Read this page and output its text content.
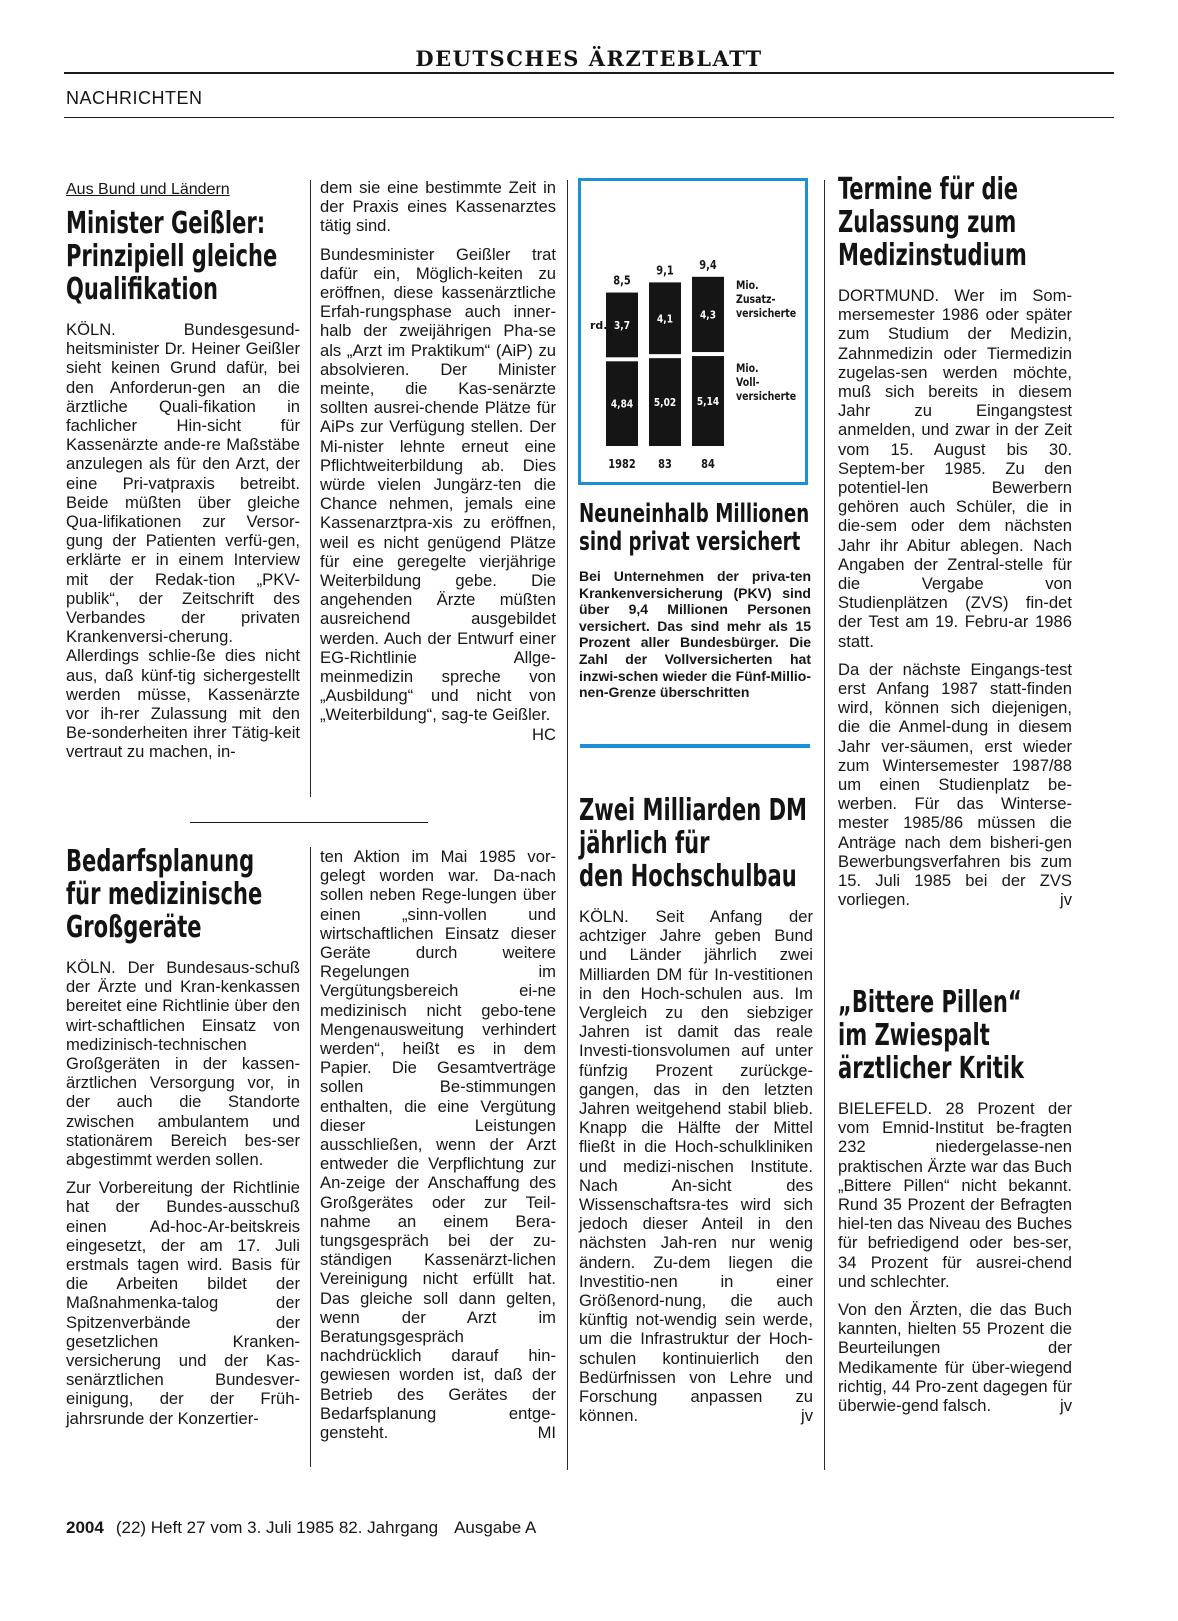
DEUTSCHES ÄRZTEBLATT
NACHRICHTEN
Aus Bund und Ländern
Minister Geißler:
Prinzipiell gleiche
Qualifikation

KÖLN. Bundesgesund-heitsminister Dr. Heiner Geißler sieht keinen Grund dafür, bei den Anforderun-gen an die ärztliche Quali-fikation in fachlicher Hin-sicht für Kassenärzte ande-re Maßstäbe anzulegen als für den Arzt, der eine Pri-vatpraxis betreibt. Beide müßten über gleiche Qua-lifikationen zur Versor-gung der Patienten verfü-gen, erklärte er in einem Interview mit der Redak-tion „PKV-publik“, der Zeitschrift des Verbandes der privaten Krankenversi-cherung. Allerdings schlie-ße dies nicht aus, daß künf-tig sichergestellt werden müsse, Kassenärzte vor ih-rer Zulassung mit den Be-sonderheiten ihrer Tätig-keit vertraut zu machen, in-

dem sie eine bestimmte Zeit in der Praxis eines Kassenarztes tätig sind.

Bundesminister Geißler trat dafür ein, Möglich-keiten zu eröffnen, diese kassenärztliche Erfah-rungsphase auch inner-halb der zweijährigen Pha-se als „Arzt im Praktikum“ (AiP) zu absolvieren. Der Minister meinte, die Kas-senärzte sollten ausrei-chende Plätze für AiPs zur Verfügung stellen. Der Mi-nister lehnte erneut eine Pflichtweiterbildung ab. Dies würde vielen Jungärz-ten die Chance nehmen, jemals eine Kassenarztpra-xis zu eröffnen, weil es nicht genügend Plätze für eine geregelte vierjährige Weiterbildung gebe. Die angehenden Ärzte müßten ausreichend ausgebildet werden. Auch der Entwurf einer EG-Richtlinie Allge-meinmedizin spreche von „Ausbildung“ und nicht von „Weiterbildung“, sag-te Geißler.
HC

Bedarfsplanung
für medizinische
Großgeräte

KÖLN. Der Bundesaus-schuß der Ärzte und Kran-kenkassen bereitet eine Richtlinie über den wirt-schaftlichen Einsatz von medizinisch-technischen Großgeräten in der kassen-ärztlichen Versorgung vor, in der auch die Standorte zwischen ambulantem und stationärem Bereich bes-ser abgestimmt werden sollen.

Zur Vorbereitung der Richtlinie hat der Bundes-ausschuß einen Ad-hoc-Ar-beitskreis eingesetzt, der am 17. Juli erstmals tagen wird. Basis für die Arbeiten bildet der Maßnahmenka-talog der Spitzenverbände der gesetzlichen Kranken-versicherung und der Kas-senärztlichen Bundesver-einigung, der der Früh-jahrsrunde der Konzertier-

ten Aktion im Mai 1985 vor-gelegt worden war. Da-nach sollen neben Rege-lungen über einen „sinn-vollen und wirtschaftlichen Einsatz dieser Geräte durch weitere Regelungen im Vergütungsbereich ei-ne medizinisch nicht gebo-tene Mengenausweitung verhindert werden“, heißt es in dem Papier. Die Gesamtverträge sollen Be-stimmungen enthalten, die eine Vergütung dieser Leistungen ausschließen, wenn der Arzt entweder die Verpflichtung zur An-zeige der Anschaffung des Großgerätes oder zur Teil-nahme an einem Bera-tungsgespräch bei der zu-ständigen Kassenärzt-lichen Vereinigung nicht erfüllt hat. Das gleiche soll dann gelten, wenn der Arzt im Beratungsgespräch nachdrücklich darauf hin-gewiesen worden ist, daß der Betrieb des Gerätes der Bedarfsplanung entge-gensteht.	MI

4,84
3,7
8,5
1982
5,02
4,1
9,1
83
5,14
4,3
9,4
84
rd.
Mio.
Zusatz-
versicherte
Mio.
Voll-
versicherte
Neuneinhalb Millionen
sind privat versichert
Bei Unternehmen der priva-ten Krankenversicherung (PKV) sind über 9,4 Millionen Personen versichert. Das sind mehr als 15 Prozent aller Bundesbürger. Die Zahl der Vollversicherten hat inzwi-schen wieder die Fünf-Millio-nen-Grenze überschritten
Zwei Milliarden DM
jährlich für
den Hochschulbau

KÖLN. Seit Anfang der achtziger Jahre geben Bund und Länder jährlich zwei Milliarden DM für In-vestitionen in den Hoch-schulen aus. Im Vergleich zu den siebziger Jahren ist damit das reale Investi-tionsvolumen auf unter fünfzig Prozent zurückge-gangen, das in den letzten Jahren weitgehend stabil blieb. Knapp die Hälfte der Mittel fließt in die Hoch-schulkliniken und medizi-nischen Institute. Nach An-sicht des Wissenschaftsra-tes wird sich jedoch dieser Anteil in den nächsten Jah-ren nur wenig ändern. Zu-dem liegen die Investitio-nen in einer Größenord-nung, die auch künftig not-wendig sein werde, um die Infrastruktur der Hoch-schulen kontinuierlich den Bedürfnissen von Lehre und Forschung anpassen zu können.	jv

Termine für die
Zulassung zum
Medizinstudium

DORTMUND. Wer im Som-mersemester 1986 oder später zum Studium der Medizin, Zahnmedizin oder Tiermedizin zugelas-sen werden möchte, muß sich bereits in diesem Jahr zu Eingangstest anmelden, und zwar in der Zeit vom 15. August bis 30. Septem-ber 1985. Zu den potentiel-len Bewerbern gehören auch Schüler, die in die-sem oder dem nächsten Jahr ihr Abitur ablegen. Nach Angaben der Zentral-stelle für die Vergabe von Studienplätzen (ZVS) fin-det der Test am 19. Febru-ar 1986 statt.

Da der nächste Eingangs-test erst Anfang 1987 statt-finden wird, können sich diejenigen, die die Anmel-dung in diesem Jahr ver-säumen, erst wieder zum Wintersemester 1987/88 um einen Studienplatz be-werben. Für das Winterse-mester 1985/86 müssen die Anträge nach dem bisheri-gen Bewerbungsverfahren bis zum 15. Juli 1985 bei der ZVS vorliegen.	jv

„Bittere Pillen“
im Zwiespalt
ärztlicher Kritik

BIELEFELD. 28 Prozent der vom Emnid-Institut be-fragten 232 niedergelasse-nen praktischen Ärzte war das Buch „Bittere Pillen“ nicht bekannt. Rund 35 Prozent der Befragten hiel-ten das Niveau des Buches für befriedigend oder bes-ser, 34 Prozent für ausrei-chend und schlechter.

Von den Ärzten, die das Buch kannten, hielten 55 Prozent die Beurteilungen der Medikamente für über-wiegend richtig, 44 Pro-zent dagegen für überwie-gend falsch.	jv

2004 (22) Heft 27 vom 3. Juli 1985 82. Jahrgang Ausgabe A
